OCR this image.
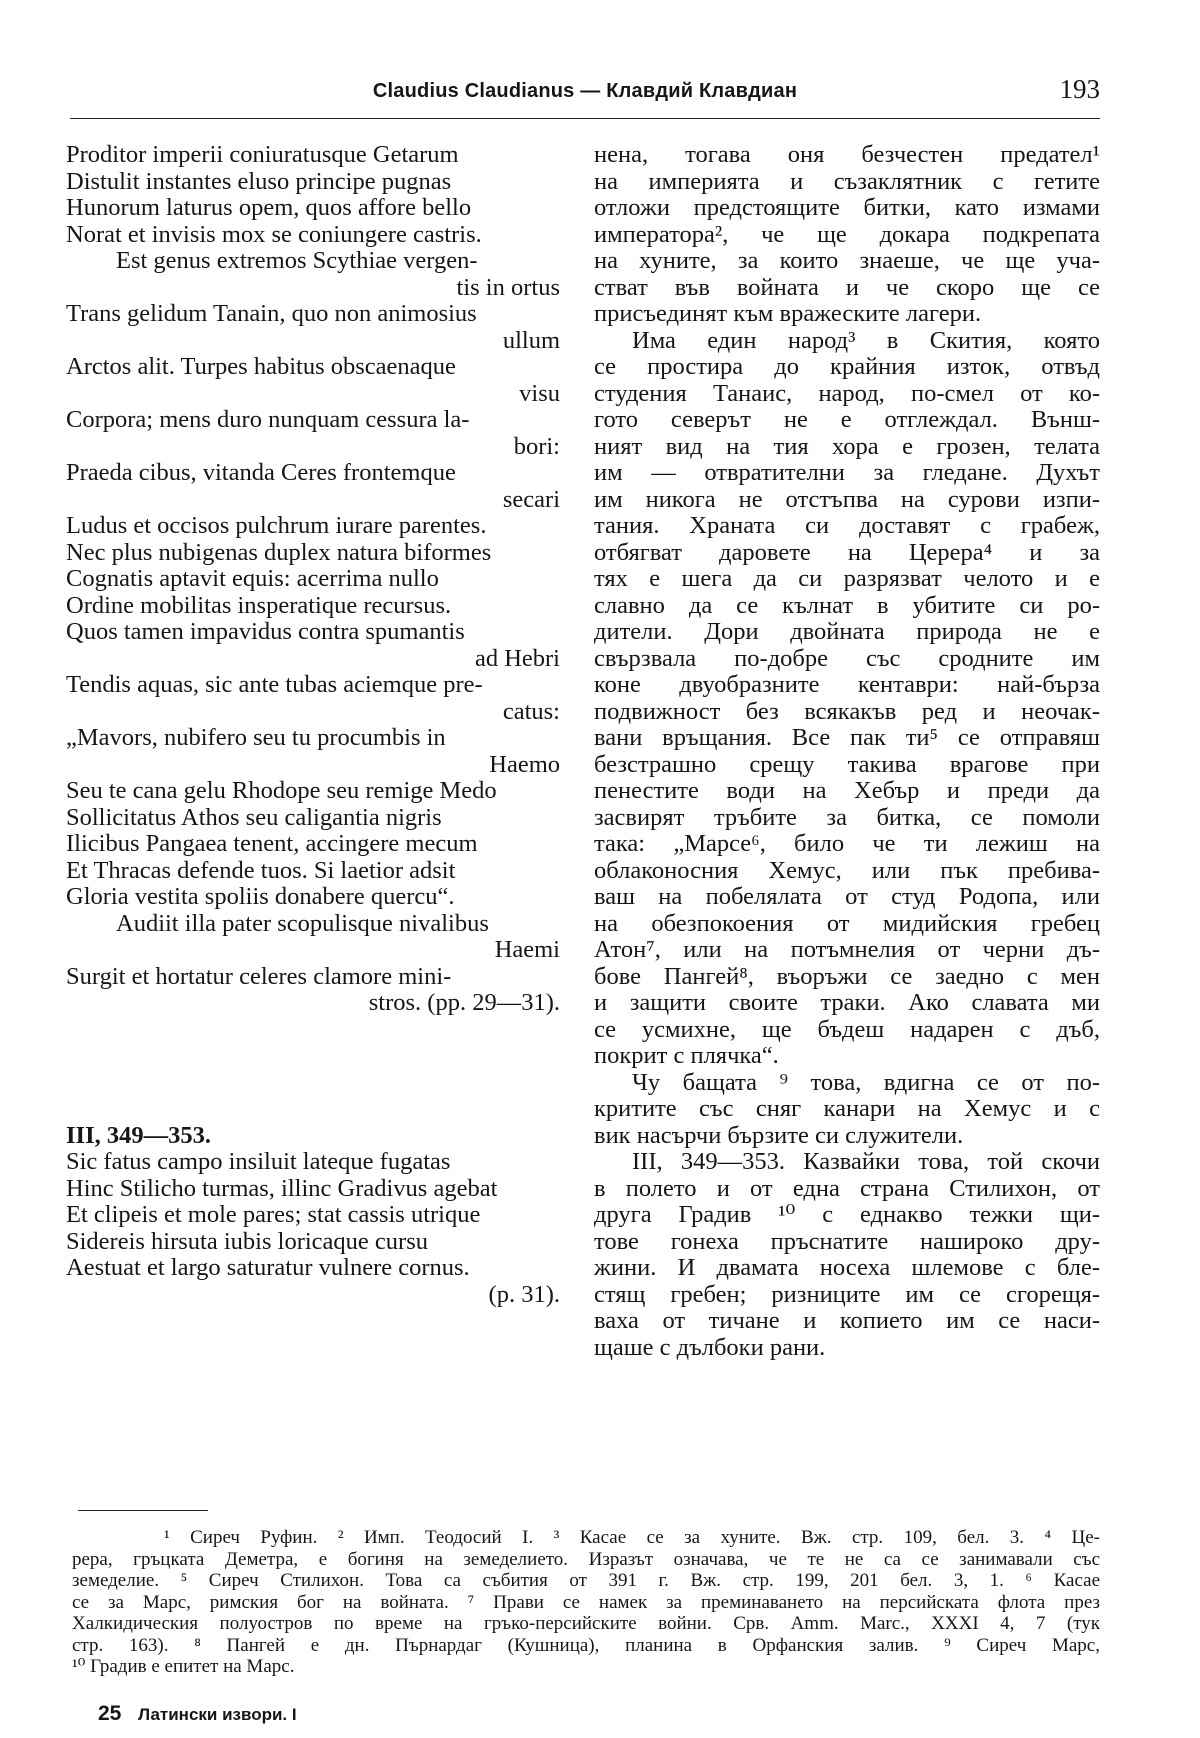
Claudius Claudianus — Клавдий Клавдиан	193
Proditor imperii coniuratusque Getarum
Distulit instantes eluso principe pugnas
Hunorum laturus opem, quos affore bello
Norat et invisis mox se coniungere castris.
Est genus extremos Scythiae vergen-
tis in ortus
Trans gelidum Tanain, quo non animosius
ullum
Arctos alit. Turpes habitus obscaenaque
visu
Corpora; mens duro nunquam cessura la-
bori:
Praeda cibus, vitanda Ceres frontemque
secari
Ludus et occisos pulchrum iurare parentes.
Nec plus nubigenas duplex natura biformes
Cognatis aptavit equis: acerrima nullo
Ordine mobilitas insperatique recursus.
Quos tamen impavidus contra spumantis
ad Hebri
Tendis aquas, sic ante tubas aciemque pre-
catus:
„Mavors, nubifero seu tu procumbis in
Haemo
Seu te cana gelu Rhodope seu remige Medo
Sollicitatus Athos seu caligantia nigris
Ilicibus Pangaea tenent, accingere mecum
Et Thracas defende tuos. Si laetior adsit
Gloria vestita spoliis donabere quercu“.
Audiit illa pater scopulisque nivalibus
Haemi
Surgit et hortatur celeres clamore mini-
stros. (pp. 29—31).
III, 349—353.
Sic fatus campo insiluit lateque fugatas
Hinc Stilicho turmas, illinc Gradivus agebat
Et clipeis et mole pares; stat cassis utrique
Sidereis hirsuta iubis loricaque cursu
Aestuat et largo saturatur vulnere cornus.
(p. 31).
нена, тогава оня безчестен предател¹
на империята и съзаклятник с гетите
отложи предстоящите битки, като измами
императора², че ще докара подкрепата
на хуните, за които знаеше, че ще уча-
стват във войната и че скоро ще се
присъединят към вражеските лагери.
Има един народ³ в Скития, която
се простира до крайния изток, отвъд
студения Танаис, народ, по-смел от ко-
гото северът не е отглеждал. Външ-
ният вид на тия хора е грозен, телата
им — отвратителни за гледане. Духът
им никога не отстъпва на сурови изпи-
тания. Храната си доставят с грабеж,
отбягват даровете на Церера⁴ и за
тях е шега да си разрязват челото и е
славно да се кълнат в убитите си ро-
дители. Дори двойната природа не е
свързвала по-добре със сродните им
коне двуобразните кентаври: най-бърза
подвижност без всякакъв ред и неочак-
вани връщания. Все пак ти⁵ се отправяш
безстрашно срещу такива врагове при
пенестите води на Хебър и преди да
засвирят тръбите за битка, се помоли
така: „Марсе⁶, било че ти лежиш на
облаконосния Хемус, или пък пребива-
ваш на побелялата от студ Родопа, или
на обезпокоения от мидийския гребец
Атон⁷, или на потъмнелия от черни дъ-
бове Пангей⁸, въоръжи се заедно с мен
и защити своите траки. Ако славата ми
се усмихне, ще бъдеш надарен с дъб,
покрит с плячка“.
Чу бащата ⁹ това, вдигна се от по-
критите със сняг канари на Хемус и с
вик насърчи бързите си служители.
III, 349—353. Казвайки това, той скочи
в полето и от една страна Стилихон, от
друга Градив ¹⁰ с еднакво тежки щи-
тове гонеха пръснатите нашироко дру-
жини. И двамата носеха шлемове с бле-
стящ гребен; ризниците им се сгорещя-
ваха от тичане и копието им се наси-
щаше с дълбоки рани.
¹ Сиреч Руфин. ² Имп. Теодосий I. ³ Касае се за хуните. Вж. стр. 109, бел. 3. ⁴ Це-
рера, гръцката Деметра, е богиня на земеделието. Изразът означава, че те не са се занимавали със
земеделие. ⁵ Сиреч Стилихон. Това са събития от 391 г. Вж. стр. 199, 201 бел. 3, 1. ⁶ Касае
се за Марс, римския бог на войната. ⁷ Прави се намек за преминаването на персийската флота през
Халкидическия полуостров по време на гръко-персийските войни. Срв. Amm. Marc., XXXI 4, 7 (тук
стр. 163). ⁸ Пангей е дн. Пърнардаг (Кушница), планина в Орфанския залив. ⁹ Сиреч Марс,
¹⁰ Градив е епитет на Марс.
25 Латински извори. I
